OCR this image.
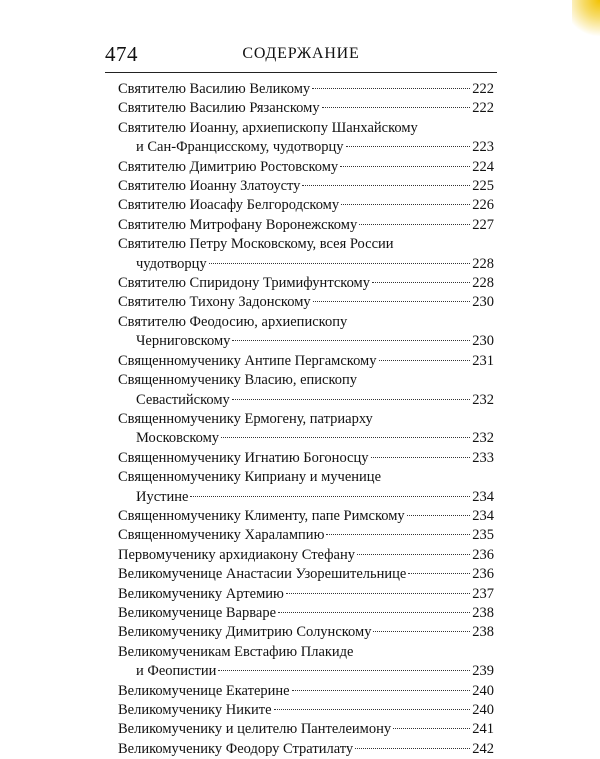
474	СОДЕРЖАНИЕ
Святителю Василию Великому	222
Святителю Василию Рязанскому	222
Святителю Иоанну, архиепископу Шанхайскому
и Сан-Францисскому, чудотворцу	223
Святителю Димитрию Ростовскому	224
Святителю Иоанну Златоусту	225
Святителю Иоасафу Белгородскому	226
Святителю Митрофану Воронежскому	227
Святителю Петру Московскому, всея России
чудотворцу	228
Святителю Спиридону Тримифунтскому	228
Святителю Тихону Задонскому	230
Святителю Феодосию, архиепископу
Черниговскому	230
Священномученику Антипе Пергамскому	231
Священномученику Власию, епископу
Севастийскому	232
Священномученику Ермогену, патриарху
Московскому	232
Священномученику Игнатию Богоносцу	233
Священномученику Киприану и мученице
Иустине	234
Священномученику Клименту, папе Римскому	234
Священномученику Харалампию	235
Первомученику архидиакону Стефану	236
Великомученице Анастасии Узорешительнице	236
Великомученику Артемию	237
Великомученице Варваре	238
Великомученику Димитрию Солунскому	238
Великомученикам Евстафию Плакиде
и Феопистии	239
Великомученице Екатерине	240
Великомученику Никите	240
Великомученику и целителю Пантелеимону	241
Великомученику Феодору Стратилату	242
